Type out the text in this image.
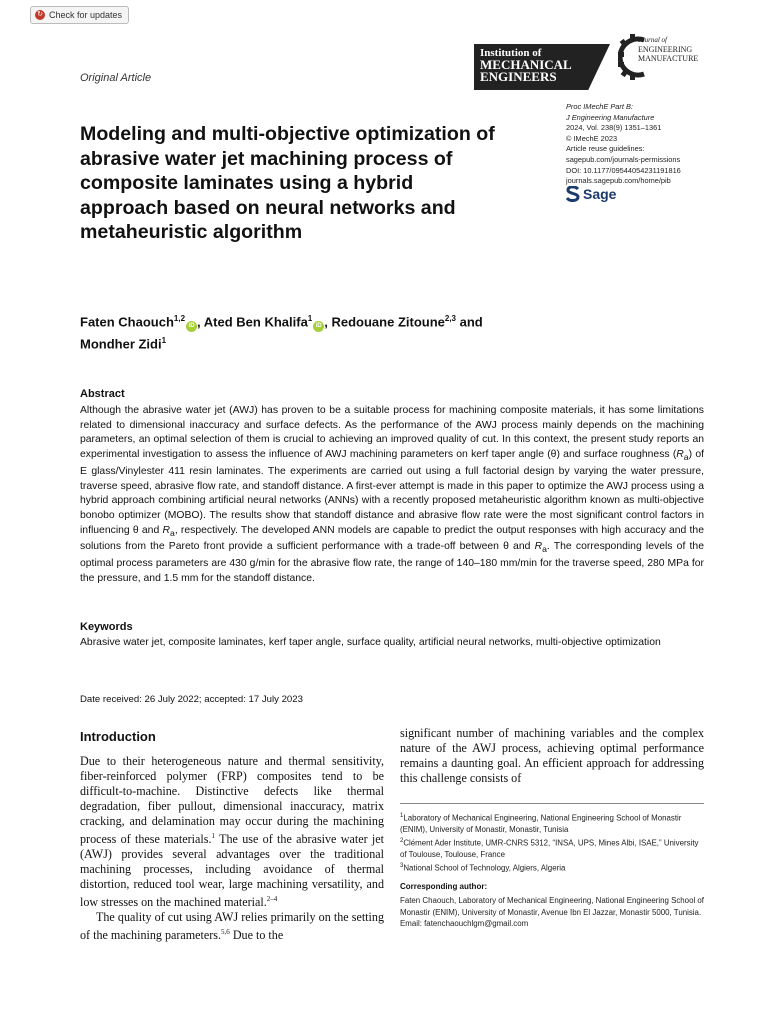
↻ Check for updates
Original Article
Institution of
MECHANICAL
ENGINEERS
Journal of
ENGINEERING
MANUFACTURE
Proc IMechE Part B:
J Engineering Manufacture
2024, Vol. 238(9) 1351–1361
© IMechE 2023
Article reuse guidelines:
sagepub.com/journals-permissions
DOI: 10.1177/09544054231191816
journals.sagepub.com/home/pib
Sage
Modeling and multi-objective optimization of abrasive water jet machining process of composite laminates using a hybrid approach based on neural networks and metaheuristic algorithm
Faten Chaouch$^{1,2}$iD , Ated Ben Khalifa$^1$iD , Redouane Zitoune$^{2,3}$ and
Mondher Zidi$^1$
Abstract
Although the abrasive water jet (AWJ) has proven to be a suitable process for machining composite materials, it has some limitations related to dimensional inaccuracy and surface defects. As the performance of the AWJ process mainly depends on the machining parameters, an optimal selection of them is crucial to achieving an improved quality of cut. In this context, the present study reports an experimental investigation to assess the influence of AWJ machining parameters on kerf taper angle (θ) and surface roughness $(R_a)$ of E glass/Vinylester 411 resin laminates. The experiments are carried out using a full factorial design by varying the water pressure, traverse speed, abrasive flow rate, and standoff distance. A first-ever attempt is made in this paper to optimize the AWJ process using a hybrid approach combining artificial neural networks (ANNs) with a recently proposed metaheuristic algorithm known as multi-objective bonobo optimizer (MOBO). The results show that standoff distance and abrasive flow rate were the most significant control factors in influencing θ and $R_a$, respectively. The developed ANN models are capable to predict the output responses with high accuracy and the solutions from the Pareto front provide a sufficient performance with a trade-off between θ and $R_a$. The corresponding levels of the optimal process parameters are 430 g/min for the abrasive flow rate, the range of 140–180 mm/min for the traverse speed, 280 MPa for the pressure, and 1.5 mm for the standoff distance.
Keywords
Abrasive water jet, composite laminates, kerf taper angle, surface quality, artificial neural networks, multi-objective optimization
Date received: 26 July 2022; accepted: 17 July 2023
Introduction

Due to their heterogeneous nature and thermal sensitivity, fiber-reinforced polymer (FRP) composites tend to be difficult-to-machine. Distinctive defects like thermal degradation, fiber pullout, dimensional inaccuracy, matrix cracking, and delamination may occur during the machining process of these materials.$^1$ The use of the abrasive water jet (AWJ) provides several advantages over the traditional machining processes, including avoidance of thermal distortion, reduced tool wear, large machining versatility, and low stresses on the machined material.$^{2-4}$

The quality of cut using AWJ relies primarily on the setting of the machining parameters.$^{5,6}$ Due to the

significant number of machining variables and the complex nature of the AWJ process, achieving optimal performance remains a daunting goal. An efficient approach for addressing this challenge consists of
$^1$Laboratory of Mechanical Engineering, National Engineering School of Monastir (ENIM), University of Monastir, Monastir, Tunisia
$^2$Clément Ader Institute, UMR-CNRS 5312, “INSA, UPS, Mines Albi, ISAE,” University of Toulouse, Toulouse, France
$^3$National School of Technology, Algiers, Algeria
Corresponding author:
Faten Chaouch, Laboratory of Mechanical Engineering, National Engineering School of Monastir (ENIM), University of Monastir, Avenue Ibn El Jazzar, Monastir 5000, Tunisia.
Email: fatenchaouchlgm@gmail.com
